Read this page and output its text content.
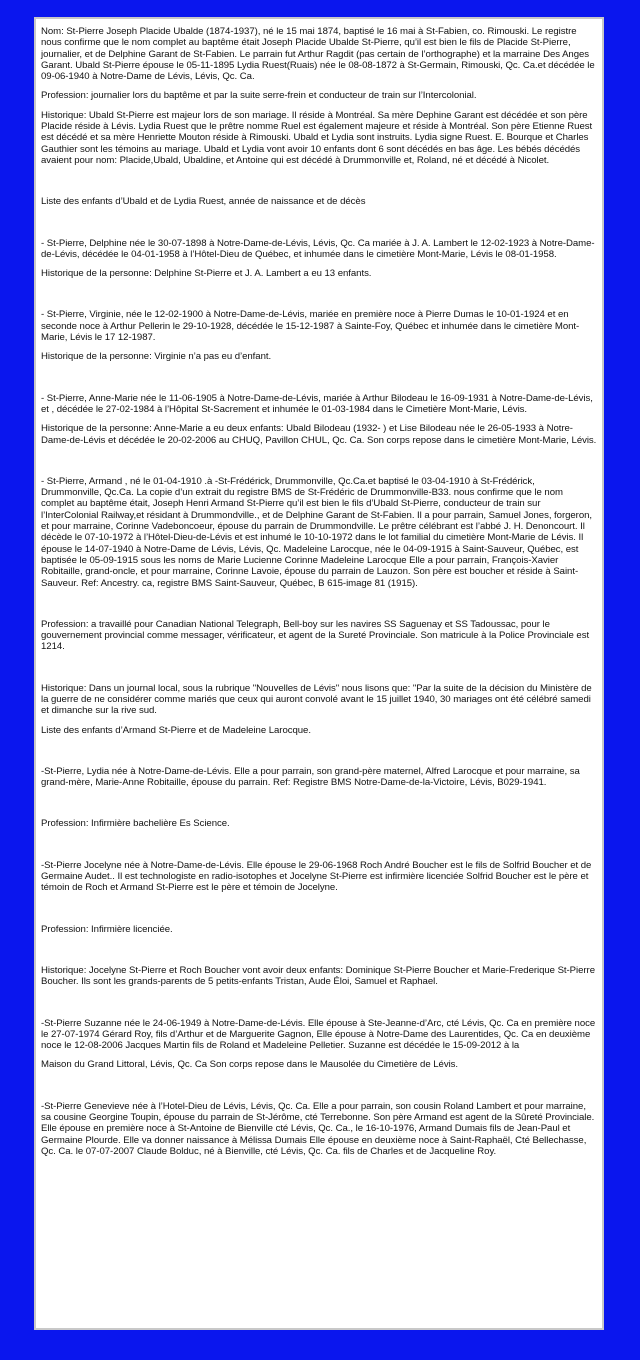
Nom: St-Pierre Joseph Placide Ubalde (1874-1937), né le 15 mai 1874, baptisé le 16 mai à St-Fabien, co. Rimouski. Le registre nous confirme que le nom complet au baptême était Joseph Placide Ubalde St-Pierre, qu’il est bien le fils de Placide St-Pierre, journalier, et de Delphine Garant de St-Fabien. Le parrain fut Arthur Ragdit (pas certain de l’orthographe) et la marraine Des Anges Garant. Ubald St-Pierre épouse le 05-11-1895 Lydia Ruest(Ruais) née le 08-08-1872 à St-Germain, Rimouski, Qc. Ca.et décédée le 09-06-1940 à Notre-Dame de Lévis, Lévis, Qc. Ca.

Profession: journalier lors du baptême et par la suite serre-frein et conducteur de train sur l’Intercolonial.

Historique: Ubald St-Pierre est majeur lors de son mariage. Il réside à Montréal. Sa mère Dephine Garant est décédée et son père Placide réside à Lévis. Lydia Ruest que le prêtre nomme Ruel est également majeure et réside à Montréal. Son père Etienne Ruest est décédé et sa mère Henriette Mouton réside à Rimouski. Ubald et Lydia sont instruits. Lydia signe Ruest. E. Bourque et Charles Gauthier sont les témoins au mariage. Ubald et Lydia vont avoir 10 enfants dont 6 sont décédés en bas âge. Les bébés décédés avaient pour nom: Placide,Ubald, Ubaldine, et Antoine qui est décédé à Drummonville et, Roland, né et décédé à Nicolet.

Liste des enfants d’Ubald et de Lydia Ruest, année de naissance et de décès

- St-Pierre, Delphine née le 30-07-1898 à Notre-Dame-de-Lévis, Lévis, Qc. Ca mariée à J. A. Lambert le 12-02-1923 à Notre-Dame-de-Lévis, décédée le 04-01-1958 à l’Hôtel-Dieu de Québec, et inhumée dans le cimetière Mont-Marie, Lévis le 08-01-1958.

Historique de la personne: Delphine St-Pierre et J. A. Lambert a eu 13 enfants.

- St-Pierre, Virginie, née le 12-02-1900 à Notre-Dame-de-Lévis, mariée en première noce à Pierre Dumas le 10-01-1924 et en seconde noce à Arthur Pellerin le 29-10-1928, décédée le 15-12-1987 à Sainte-Foy, Québec et inhumée dans le cimetière Mont-Marie, Lévis le 17 12-1987.

Historique de la personne: Virginie n’a pas eu d’enfant.

- St-Pierre, Anne-Marie née le 11-06-1905 à Notre-Dame-de-Lévis, mariée à Arthur Bilodeau le 16-09-1931 à Notre-Dame-de-Lévis, et , décédée le 27-02-1984 à l’Hôpital St-Sacrement et inhumée le 01-03-1984 dans le Cimetière Mont-Marie, Lévis.

Historique de la personne: Anne-Marie a eu deux enfants: Ubald Bilodeau (1932- ) et Lise Bilodeau née le 26-05-1933 à Notre-Dame-de-Lévis et décédée le 20-02-2006 au CHUQ, Pavillon CHUL, Qc. Ca. Son corps repose dans le cimetière Mont-Marie, Lévis.

- St-Pierre, Armand , né le 01-04-1910 .à -St-Frédérick, Drummonville, Qc.Ca.et baptisé le 03-04-1910 à St-Frédérick, Drummonville, Qc.Ca. La copie d’un extrait du registre BMS de St-Frédéric de Drummonville-B33. nous confirme que le nom complet au baptême était, Joseph Henri Armand St-Pierre qu’il est bien le fils d’Ubald St-Pierre, conducteur de train sur l’InterColonial Railway,et résidant à Drummondville., et de Delphine Garant de St-Fabien. Il a pour parrain, Samuel Jones, forgeron, et pour marraine, Corinne Vadeboncoeur, épouse du parrain de Drummondville. Le prêtre célébrant est l’abbé J. H. Denoncourt. Il décède le 07-10-1972 à l’Hôtel-Dieu-de-Lévis et est inhumé le 10-10-1972 dans le lot familial du cimetière Mont-Marie de Lévis. Il épouse le 14-07-1940 à Notre-Dame de Lévis, Lévis, Qc. Madeleine Larocque, née le 04-09-1915 à Saint-Sauveur, Québec, est baptisée le 05-09-1915 sous les noms de Marie Lucienne Corinne Madeleine Larocque Elle a pour parrain, François-Xavier Robitaille, grand-oncle, et pour marraine, Corinne Lavoie, épouse du parrain de Lauzon. Son père est boucher et réside à Saint-Sauveur. Ref: Ancestry. ca, registre BMS Saint-Sauveur, Québec, B 615-image 81 (1915).

Profession: a travaillé pour Canadian National Telegraph, Bell-boy sur les navires SS Saguenay et SS Tadoussac, pour le gouvernement provincial comme messager, vérificateur, et agent de la Sureté Provinciale. Son matricule à la Police Provinciale est 1214.

Historique: Dans un journal local, sous la rubrique "Nouvelles de Lévis" nous lisons que: "Par la suite de la décision du Ministère de la guerre de ne considérer comme mariés que ceux qui auront convolé avant le 15 juillet 1940, 30 mariages ont été célébré samedi et dimanche sur la rive sud.

Liste des enfants d’Armand St-Pierre et de Madeleine Larocque.

-St-Pierre, Lydia née à Notre-Dame-de-Lévis. Elle a pour parrain, son grand-père maternel, Alfred Larocque et pour marraine, sa grand-mère, Marie-Anne Robitaille, épouse du parrain. Ref: Registre BMS Notre-Dame-de-la-Victoire, Lévis, B029-1941.

Profession: Infirmière bachelière Es Science.

-St-Pierre Jocelyne née à Notre-Dame-de-Lévis. Elle épouse le 29-06-1968 Roch André Boucher est le fils de Solfrid Boucher et de Germaine Audet.. Il est technologiste en radio-isotophes et Jocelyne St-Pierre est infirmière licenciée Solfrid Boucher est le père et témoin de Roch et Armand St-Pierre est le père et témoin de Jocelyne.

Profession: Infirmière licenciée.

Historique: Jocelyne St-Pierre et Roch Boucher vont avoir deux enfants: Dominique St-Pierre Boucher et Marie-Frederique St-Pierre Boucher. Ils sont les grands-parents de 5 petits-enfants Tristan, Aude Éloi, Samuel et Raphael.

-St-Pierre Suzanne née le 24-06-1949 à Notre-Dame-de-Lévis. Elle épouse à Ste-Jeanne-d’Arc, cté Lévis, Qc. Ca en première noce le 27-07-1974 Gérard Roy, fils d’Arthur et de Marguerite Gagnon, Elle épouse à Notre-Dame des Laurentides, Qc. Ca en deuxième noce le 12-08-2006 Jacques Martin fils de Roland et Madeleine Pelletier. Suzanne est décédée le 15-09-2012 à la

Maison du Grand Littoral, Lévis, Qc. Ca Son corps repose dans le Mausolée du Cimetière de Lévis.

-St-Pierre Genevieve née à l’Hotel-Dieu de Lévis, Lévis, Qc. Ca. Elle a pour parrain, son cousin Roland Lambert et pour marraine, sa cousine Georgine Toupin, épouse du parrain de St-Jérôme, cté Terrebonne. Son père Armand est agent de la Sûreté Provinciale. Elle épouse en première noce à St-Antoine de Bienville cté Lévis, Qc. Ca., le 16-10-1976, Armand Dumais fils de Jean-Paul et Germaine Plourde. Elle va donner naissance à Mélissa Dumais Elle épouse en deuxième noce à Saint-Raphaël, Cté Bellechasse, Qc. Ca. le 07-07-2007 Claude Bolduc, né à Bienville, cté Lévis, Qc. Ca. fils de Charles et de Jacqueline Roy.
